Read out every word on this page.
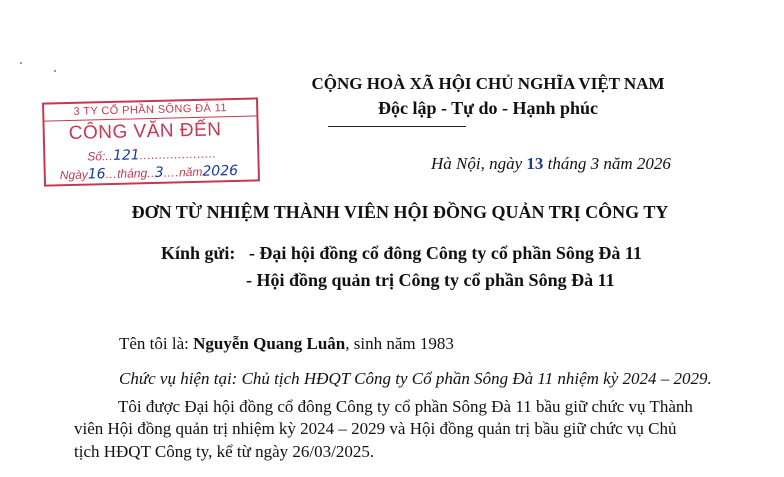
CỘNG HOÀ XÃ HỘI CHỦ NGHĨA VIỆT NAM
Độc lập - Tự do - Hạnh phúc
3 TY CỔ PHẦN SÔNG ĐÀ 11
CÔNG VĂN ĐẾN
Số:..121....................
Ngày16...tháng..3....năm2026	Hà Nội, ngày 13 tháng 3 năm 2026
ĐƠN TỪ NHIỆM THÀNH VIÊN HỘI ĐỒNG QUẢN TRỊ CÔNG TY
Kính gửi: - Đại hội đồng cổ đông Công ty cổ phần Sông Đà 11
- Hội đồng quản trị Công ty cổ phần Sông Đà 11
Tên tôi là: Nguyễn Quang Luân, sinh năm 1983
Chức vụ hiện tại: Chủ tịch HĐQT Công ty Cổ phần Sông Đà 11 nhiệm kỳ 2024 – 2029.
Tôi được Đại hội đồng cổ đông Công ty cổ phần Sông Đà 11 bầu giữ chức vụ Thành
viên Hội đồng quản trị nhiệm kỳ 2024 – 2029 và Hội đồng quản trị bầu giữ chức vụ Chủ
tịch HĐQT Công ty, kể từ ngày 26/03/2025.
